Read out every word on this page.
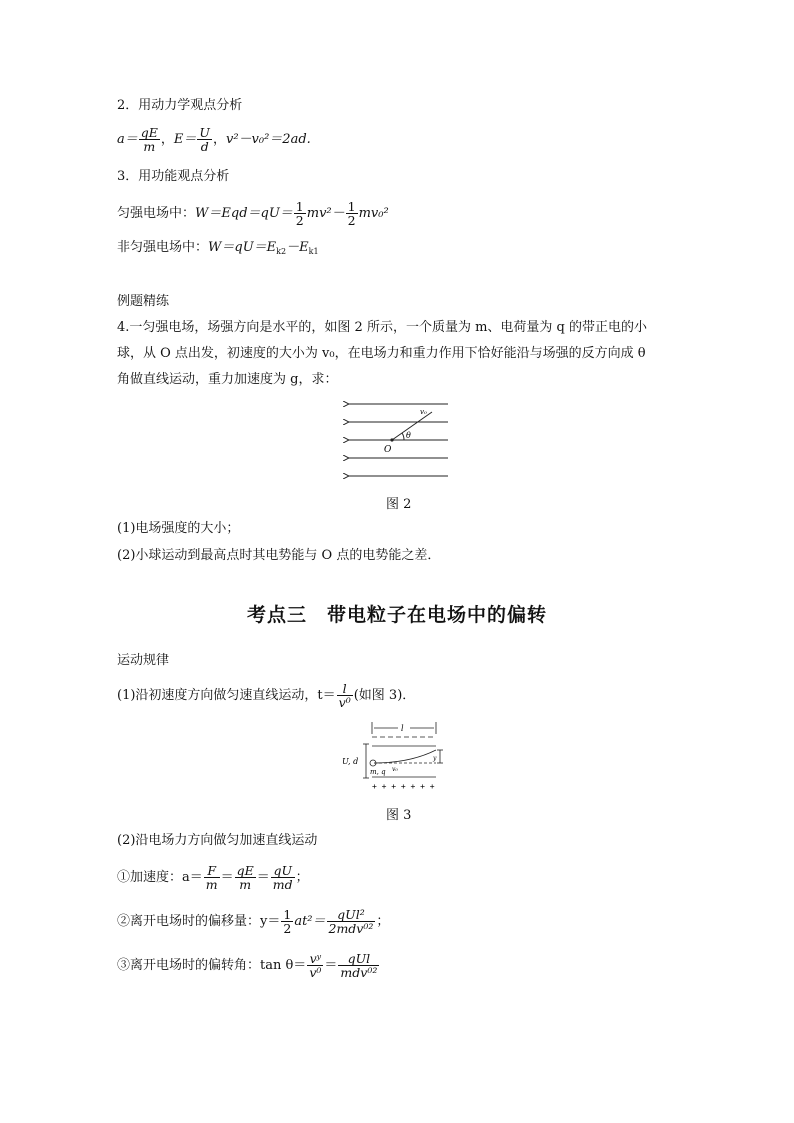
2．用动力学观点分析
$a= \frac{qE}{m}$ ，$E= \frac{U}{d}$ ，v²－v₀²＝2ad.
3．用功能观点分析
匀强电场中：$W=Eqd=qU= \frac{1}{2} mv^2- \frac{1}{2} mv_0^2$
非匀强电场中：$W=qU=E_{k2}-E_{k1}$
例题精练
4.一匀强电场，场强方向是水平的，如图 2 所示，一个质量为 m、电荷量为 q 的带正电的小
球，从 O 点出发，初速度的大小为 v₀，在电场力和重力作用下恰好能沿与场强的反方向成 θ
角做直线运动，重力加速度为 g，求：
O
θ
v₀
图 2
(1)电场强度的大小；
(2)小球运动到最高点时其电势能与 O 点的电势能之差．
考点三　带电粒子在电场中的偏转
运动规律
(1)沿初速度方向做匀速直线运动，$t= \frac{l}{\text{v⁰}}$ (如图 3)．
l
U, d
m, q v₀
y
+ + + + + + +
图 3
(2)沿电场力方向做匀加速直线运动
①加速度：$a= \frac{F}{m} = \frac{qE}{m} = \frac{qU}{md}$ ；
②离开电场时的偏移量：$y= \frac{1}{2} at^2= \frac{\text{qUl²}}{\text{2mdv⁰²}}$ ；
③离开电场时的偏转角：$\tan \theta= \frac{\text{vʸ}}{\text{v⁰}} = \frac{\text{qUl}}{\text{mdv⁰²}}$
